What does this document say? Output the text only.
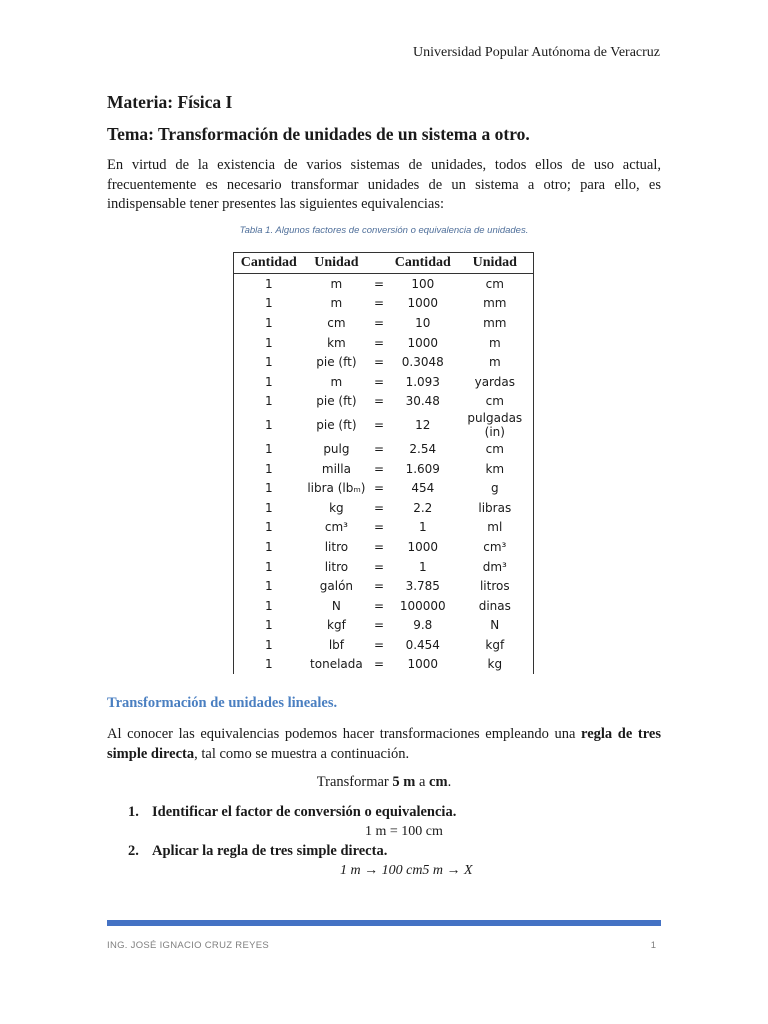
Universidad Popular Autónoma de Veracruz
Materia: Física I
Tema: Transformación de unidades de un sistema a otro.

En virtud de la existencia de varios sistemas de unidades, todos ellos de uso actual, frecuentemente es necesario transformar unidades de un sistema a otro; para ello, es indispensable tener presentes las siguientes equivalencias:

Tabla 1. Algunos factores de conversión o equivalencia de unidades.
Cantidad	Unidad		Cantidad	Unidad
1	m	=	100	cm
1	m	=	1000	mm
1	cm	=	10	mm
1	km	=	1000	m
1	pie (ft)	=	0.3048	m
1	m	=	1.093	yardas
1	pie (ft)	=	30.48	cm
1	pie (ft)	=	12	pulgadas (in)
1	pulg	=	2.54	cm
1	milla	=	1.609	km
1	libra (lbₘ)	=	454	g
1	kg	=	2.2	libras
1	cm³	=	1	ml
1	litro	=	1000	cm³
1	litro	=	1	dm³
1	galón	=	3.785	litros
1	N	=	100000	dinas
1	kgf	=	9.8	N
1	lbf	=	0.454	kgf
1	tonelada	=	1000	kg
Transformación de unidades lineales.

Al conocer las equivalencias podemos hacer transformaciones empleando una regla de tres simple directa, tal como se muestra a continuación.

Transformar 5 m a cm.
1. Identificar el factor de conversión o equivalencia.
1 m = 100 cm
2. Aplicar la regla de tres simple directa.
1 m → 100 cm5 m → X
ING. JOSÉ IGNACIO CRUZ REYES	1
